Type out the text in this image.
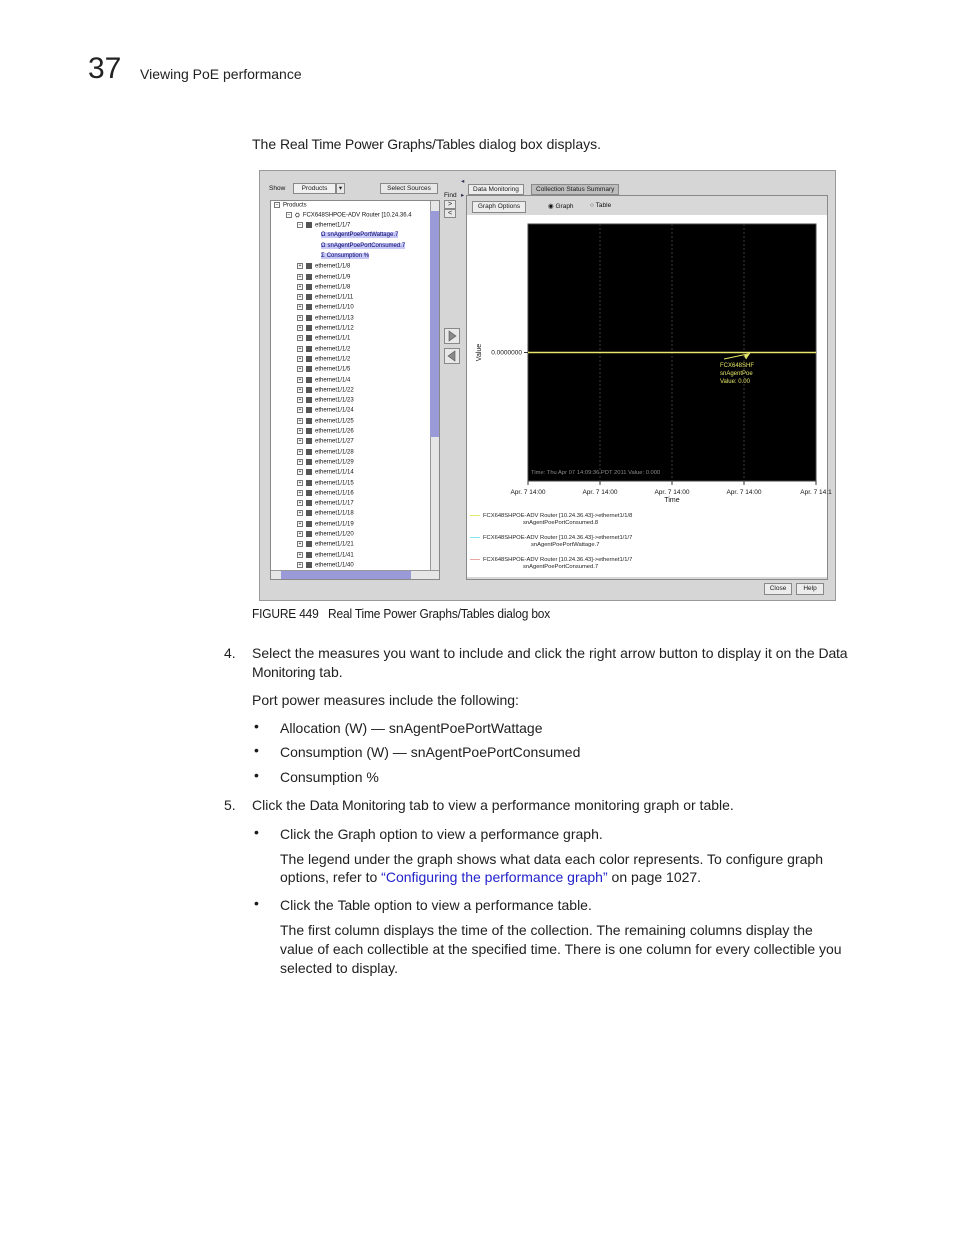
37 Viewing PoE performance
The Real Time Power Graphs/Tables dialog box displays.
Show	Products	▾	Select Sources
− Products
− ⛭ FCX648SHPOE-ADV Router [10.24.36.4
− ethernet1/1/7
Ω snAgentPoePortWattage.7
Ω snAgentPoePortConsumed.7
Σ Consumption %
+ ethernet1/1/8
+ ethernet1/1/9
+ ethernet1/1/8
+ ethernet1/1/11
+ ethernet1/1/10
+ ethernet1/1/13
+ ethernet1/1/12
+ ethernet1/1/1
+ ethernet1/1/2
+ ethernet1/1/2
+ ethernet1/1/5
+ ethernet1/1/4
+ ethernet1/1/22
+ ethernet1/1/23
+ ethernet1/1/24
+ ethernet1/1/25
+ ethernet1/1/26
+ ethernet1/1/27
+ ethernet1/1/28
+ ethernet1/1/29
+ ethernet1/1/14
+ ethernet1/1/15
+ ethernet1/1/16
+ ethernet1/1/17
+ ethernet1/1/18
+ ethernet1/1/19
+ ethernet1/1/20
+ ethernet1/1/21
+ ethernet1/1/41
+ ethernet1/1/40
Find
>
<
◂
▸
Data Monitoring	Collection Status Summary
Graph Options	◉ Graph	○ Table
Apr. 7 14:00	Apr. 7 14:00	Apr. 7 14:00	Apr. 7 14:00	Apr. 7 14:1
0.0000000
Value
Time
FCX648SHF
snAgentPoe
Value: 0.00
Time: Thu Apr 07 14:09:36 PDT 2011 Value: 0.000
FCX648SHPOE-ADV Router [10.24.36.43]->ethernet1/1/8
snAgentPoePortConsumed.8
FCX648SHPOE-ADV Router [10.24.36.43]->ethernet1/1/7
snAgentPoePortWattage.7
FCX648SHPOE-ADV Router [10.24.36.43]->ethernet1/1/7
snAgentPoePortConsumed.7
Close	Help
FIGURE 449 Real Time Power Graphs/Tables dialog box
4. Select the measures you want to include and click the right arrow button to display it on the Data Monitoring tab.
Port power measures include the following:
• Allocation (W) — snAgentPoePortWattage
• Consumption (W) — snAgentPoePortConsumed
• Consumption %
5. Click the Data Monitoring tab to view a performance monitoring graph or table.
• Click the Graph option to view a performance graph.
The legend under the graph shows what data each color represents. To configure graph
options, refer to “Configuring the performance graph” on page 1027.
• Click the Table option to view a performance table.
The first column displays the time of the collection. The remaining columns display the
value of each collectible at the specified time. There is one column for every collectible you
selected to display.
